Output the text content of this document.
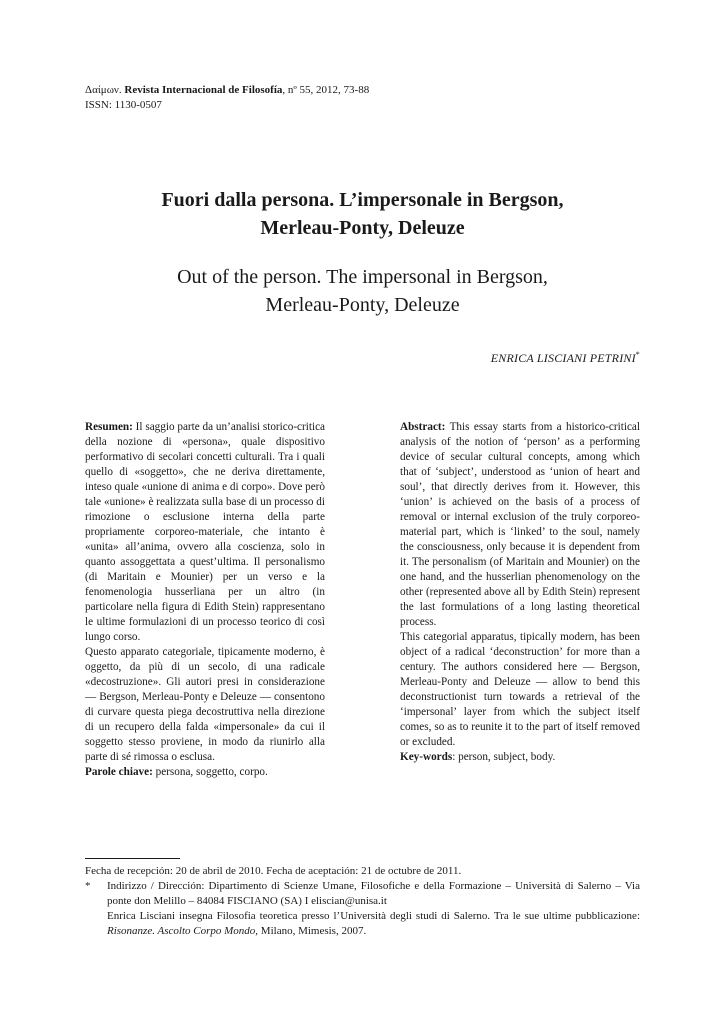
Δαίμων. Revista Internacional de Filosofía, nº 55, 2012, 73-88
ISSN: 1130-0507
Fuori dalla persona. L’impersonale in Bergson,
Merleau-Ponty, Deleuze
Out of the person. The impersonal in Bergson,
Merleau-Ponty, Deleuze
ENRICA LISCIANI PETRINI*

Resumen: Il saggio parte da un’analisi storico-critica della nozione di «persona», quale dispositivo performativo di secolari concetti culturali. Tra i quali quello di «soggetto», che ne deriva direttamente, inteso quale «unione di anima e di corpo». Dove però tale «unione» è realizzata sulla base di un processo di rimozione o esclusione interna della parte propriamente corporeo-materiale, che intanto è «unita» all’anima, ovvero alla coscienza, solo in quanto assoggettata a quest’ultima. Il personalismo (di Maritain e Mounier) per un verso e la fenomenologia husserliana per un altro (in particolare nella figura di Edith Stein) rappresentano le ultime formulazioni di un processo teorico di così lungo corso.

Questo apparato categoriale, tipicamente moderno, è oggetto, da più di un secolo, di una radicale «decostruzione». Gli autori presi in considerazione — Bergson, Merleau-Ponty e Deleuze — consentono di curvare questa piega decostruttiva nella direzione di un recupero della falda «impersonale» da cui il soggetto stesso proviene, in modo da riunirlo alla parte di sé rimossa o esclusa.

Parole chiave: persona, soggetto, corpo.

Abstract: This essay starts from a historico-critical analysis of the notion of ‘person’ as a performing device of secular cultural concepts, among which that of ‘subject’, understood as ‘union of heart and soul’, that directly derives from it. However, this ‘union’ is achieved on the basis of a process of removal or internal exclusion of the truly corporeo-material part, which is ‘linked’ to the soul, namely the consciousness, only because it is dependent from it. The personalism (of Maritain and Mounier) on the one hand, and the husserlian phenomenology on the other (represented above all by Edith Stein) represent the last formulations of a long lasting theoretical process.

This categorial apparatus, tipically modern, has been object of a radical ‘deconstruction’ for more than a century. The authors considered here — Bergson, Merleau-Ponty and Deleuze — allow to bend this deconstructionist turn towards a retrieval of the ‘impersonal’ layer from which the subject itself comes, so as to reunite it to the part of itself removed or excluded.

Key-words: person, subject, body.

Fecha de recepción: 20 de abril de 2010. Fecha de aceptación: 21 de octubre de 2011.

*	Indirizzo / Dirección: Dipartimento di Scienze Umane, Filosofiche e della Formazione – Università di Salerno – Via ponte don Melillo – 84084 FISCIANO (SA) I eliscian@unisa.it

Enrica Lisciani insegna Filosofia teoretica presso l’Università degli studi di Salerno. Tra le sue ultime pubblicazione: Risonanze. Ascolto Corpo Mondo, Milano, Mimesis, 2007.
